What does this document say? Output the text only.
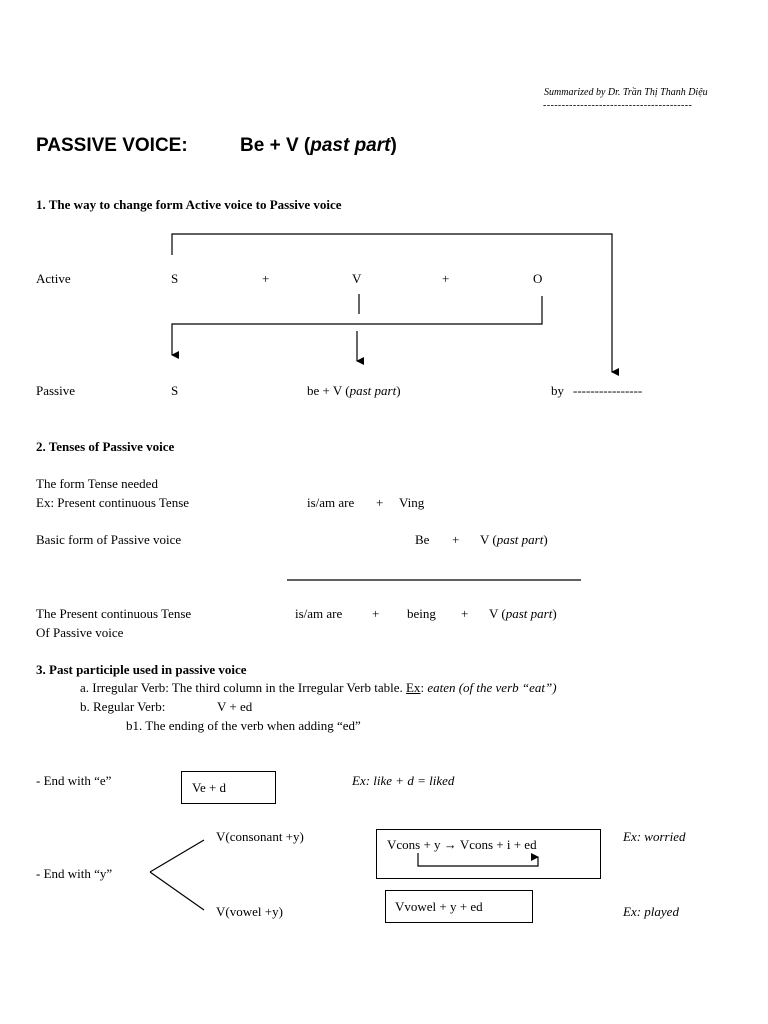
Summarized by Dr. Trần Thị Thanh Diệu
----------------------------------------
PASSIVE VOICE:	Be + V (past part)
1. The way to change form Active voice to Passive voice
Active	S	+	V	+	O
Passive	S	be + V (past part)	by ----------------
2. Tenses of Passive voice
The form Tense needed
Ex: Present continuous Tense	is/am are + Ving
Basic form of Passive voice	Be + V (past part)
The Present continuous Tense
Of Passive voice
is/am are + being + V (past part)
3. Past participle used in passive voice
a. Irregular Verb: The third column in the Irregular Verb table. Ex: eaten (of the verb “eat”)
b. Regular Verb:	V + ed
b1. The ending of the verb when adding “ed”
- End with “e”	Ve + d	Ex: like + d = liked
V(consonant +y)
- End with “y”
V(vowel +y)
Vcons + y → Vcons + i + ed
Ex: worried
Vvowel + y + ed	Ex: played
